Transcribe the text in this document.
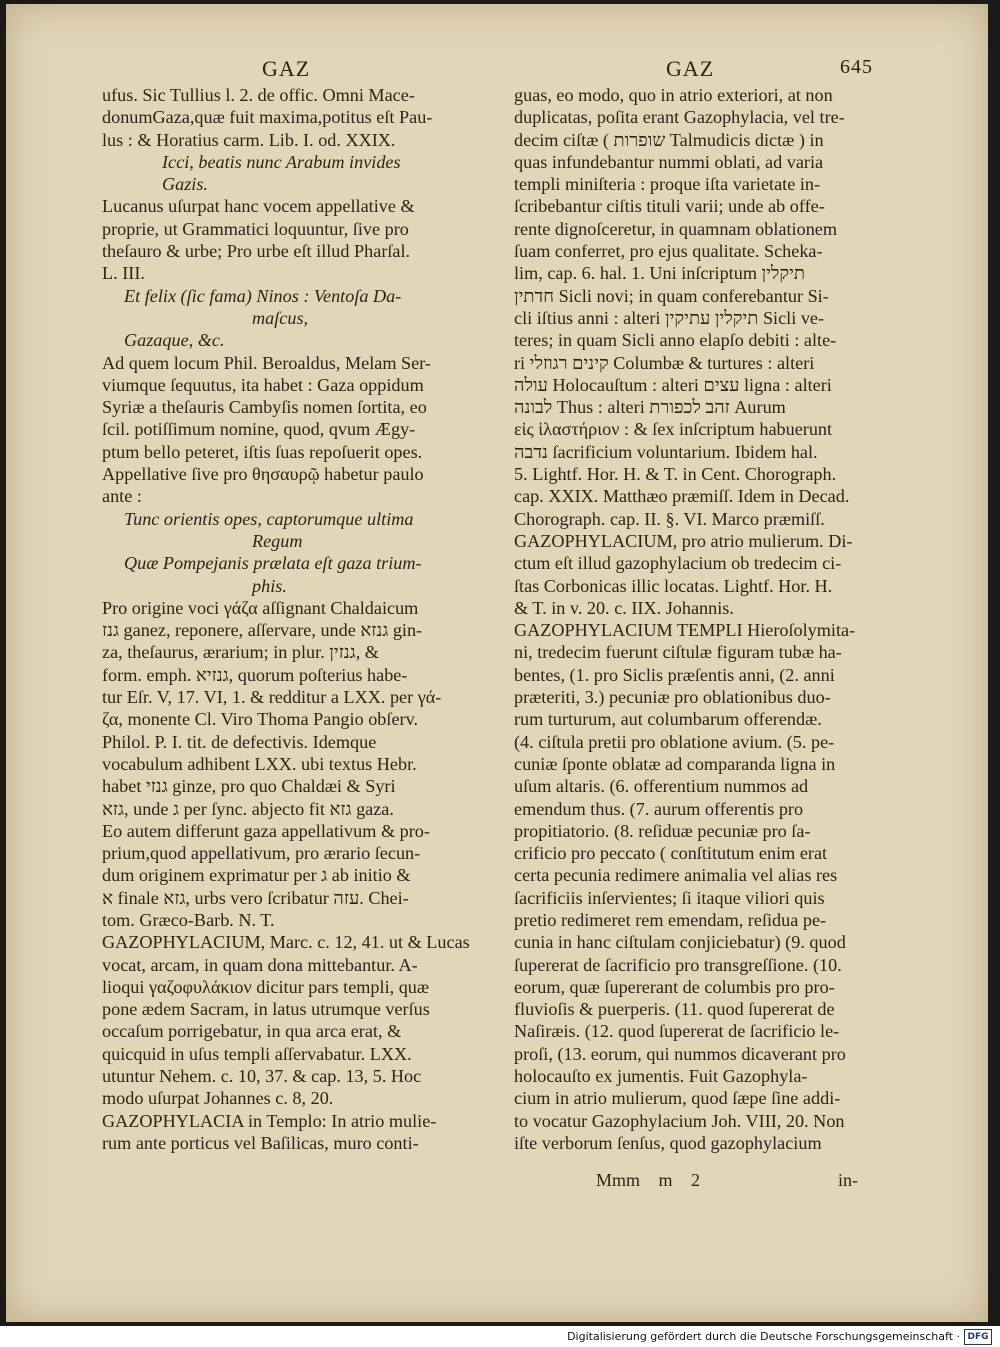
GAZ	GAZ	645

ufus. Sic Tullius l. 2. de offic. Omni Mace-

donumGaza,quæ fuit maxima,potitus eſt Pau-

lus : & Horatius carm. Lib. I. od. XXIX.

Icci, beatis nunc Arabum invides

Gazis.

Lucanus uſurpat hanc vocem appellative &

proprie, ut Grammatici loquuntur, ſive pro

theſauro & urbe; Pro urbe eſt illud Pharſal.

L. III.

Et felix (ſic fama) Ninos : Ventoſa Da-

maſcus,

Gazaque, &c.

Ad quem locum Phil. Beroaldus, Melam Ser-

viumque ſequutus, ita habet : Gaza oppidum

Syriæ a theſauris Cambyſis nomen ſortita, eo

ſcil. potiſſimum nomine, quod, qvum Ægy-

ptum bello peteret, iſtis ſuas repoſuerit opes.

Appellative ſive pro θησαυρῷ habetur paulo

ante :

Tunc orientis opes, captorumque ultima

Regum

Quæ Pompejanis prælata eſt gaza trium-

phis.

Pro origine voci γάζα aſſignant Chaldaicum

גנז ganez, reponere, aſſervare, unde גנזא gin-

za, theſaurus, ærarium; in plur. גנזין, &

form. emph. גנזיא, quorum poſterius habe-

tur Eſr. V, 17. VI, 1. & redditur a LXX. per γά-

ζα, monente Cl. Viro Thoma Pangio obſerv.

Philol. P. I. tit. de defectivis. Idemque

vocabulum adhibent LXX. ubi textus Hebr.

habet גנזי ginze, pro quo Chaldæi & Syri

גזא, unde ג per ſync. abjecto fit גזא gaza.

Eo autem differunt gaza appellativum & pro-

prium,quod appellativum, pro ærario ſecun-

dum originem exprimatur per ג ab initio &

א finale גזא, urbs vero ſcribatur עזה. Chei-

tom. Græco-Barb. N. T.

GAZOPHYLACIUM, Marc. c. 12, 41. ut & Lucas

vocat, arcam, in quam dona mittebantur. A-

lioqui γαζοφυλάκιον dicitur pars templi, quæ

pone ædem Sacram, in latus utrumque verſus

occaſum porrigebatur, in qua arca erat, &

quicquid in uſus templi aſſervabatur. LXX.

utuntur Nehem. c. 10, 37. & cap. 13, 5. Hoc

modo uſurpat Johannes c. 8, 20.

GAZOPHYLACIA in Templo: In atrio mulie-

rum ante porticus vel Baſilicas, muro conti-

guas, eo modo, quo in atrio exteriori, at non

duplicatas, poſita erant Gazophylacia, vel tre-

decim ciſtæ ( שופרות Talmudicis dictæ ) in

quas infundebantur nummi oblati, ad varia

templi miniſteria : proque iſta varietate in-

ſcribebantur ciſtis tituli varii; unde ab offe-

rente dignoſceretur, in quamnam oblationem

ſuam conferret, pro ejus qualitate. Scheka-

lim, cap. 6. hal. 1. Uni inſcriptum תיקלין

חדתין Sicli novi; in quam conferebantur Si-

cli iſtius anni : alteri תיקלין עתיקין Sicli ve-

teres; in quam Sicli anno elapſo debiti : alte-

ri קינים רגוזלי Columbæ & turtures : alteri

עולה Holocauſtum : alteri עצים ligna : alteri

לבונה Thus : alteri זהב לכפורת Aurum

εἰς ἱλαστήριον : & ſex inſcriptum habuerunt

נדבה ſacrificium voluntarium. Ibidem hal.

5. Lightf. Hor. H. & T. in Cent. Chorograph.

cap. XXIX. Matthæo præmiſſ. Idem in Decad.

Chorograph. cap. II. §. VI. Marco præmiſſ.

GAZOPHYLACIUM, pro atrio mulierum. Di-

ctum eſt illud gazophylacium ob tredecim ci-

ſtas Corbonicas illic locatas. Lightf. Hor. H.

& T. in v. 20. c. IIX. Johannis.

GAZOPHYLACIUM TEMPLI Hieroſolymita-

ni, tredecim fuerunt ciſtulæ figuram tubæ ha-

bentes, (1. pro Siclis præſentis anni, (2. anni

præteriti, 3.) pecuniæ pro oblationibus duo-

rum turturum, aut columbarum offerendæ.

(4. ciſtula pretii pro oblatione avium. (5. pe-

cuniæ ſponte oblatæ ad comparanda ligna in

uſum altaris. (6. offerentium nummos ad

emendum thus. (7. aurum offerentis pro

propitiatorio. (8. reſiduæ pecuniæ pro ſa-

crificio pro peccato ( conſtitutum enim erat

certa pecunia redimere animalia vel alias res

ſacrificiis inſervientes; ſi itaque viliori quis

pretio redimeret rem emendam, reſidua pe-

cunia in hanc ciſtulam conjiciebatur) (9. quod

ſupererat de ſacrificio pro transgreſſione. (10.

eorum, quæ ſupererant de columbis pro pro-

fluvioſis & puerperis. (11. quod ſupererat de

Naſiræis. (12. quod ſupererat de ſacrificio le-

proſi, (13. eorum, qui nummos dicaverant pro

holocauſto ex jumentis. Fuit Gazophyla-

cium in atrio mulierum, quod ſæpe ſine addi-

to vocatur Gazophylacium Joh. VIII, 20. Non

iſte verborum ſenſus, quod gazophylacium

Mmm m 2	in-
Digitalisierung gefördert durch die Deutsche Forschungsgemeinschaft · DFG
